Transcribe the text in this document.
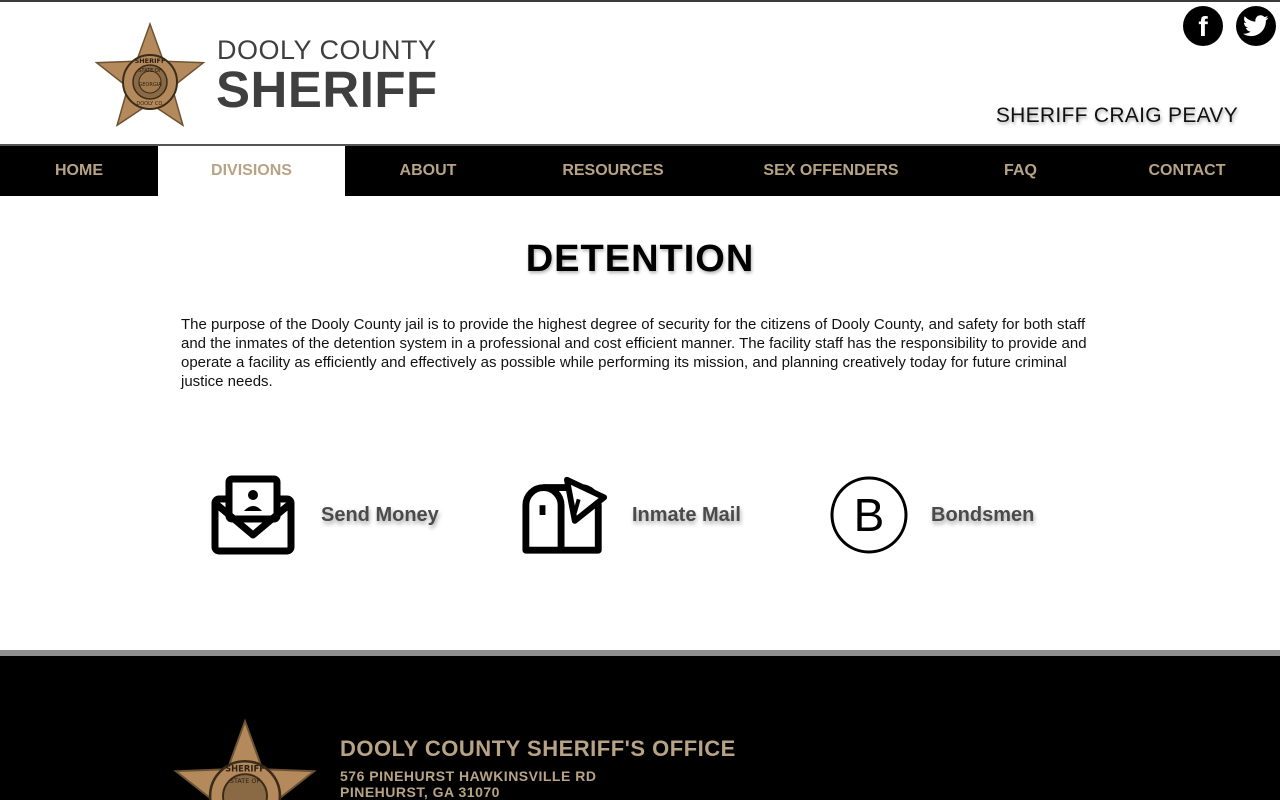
SHERIFF
STATE OF
GEORGIA
DOOLY CO.
DOOLY COUNTY
SHERIFF
f
SHERIFF CRAIG PEAVY
HOME	DIVISIONS	ABOUT	RESOURCES	SEX OFFENDERS	FAQ	CONTACT
DETENTION

The purpose of the Dooly County jail is to provide the highest degree of security for the citizens of Dooly County, and safety for both staff and the inmates of the detention system in a professional and cost efficient manner. The facility staff has the responsibility to provide and operate a facility as efficiently and effectively as possible while performing its mission, and planning creatively today for future criminal justice needs.

Send Money	Inmate Mail B Bondsmen
SHERIFF
STATE OF
DOOLY COUNTY SHERIFF'S OFFICE
576 PINEHURST HAWKINSVILLE RD
PINEHURST, GA 31070
